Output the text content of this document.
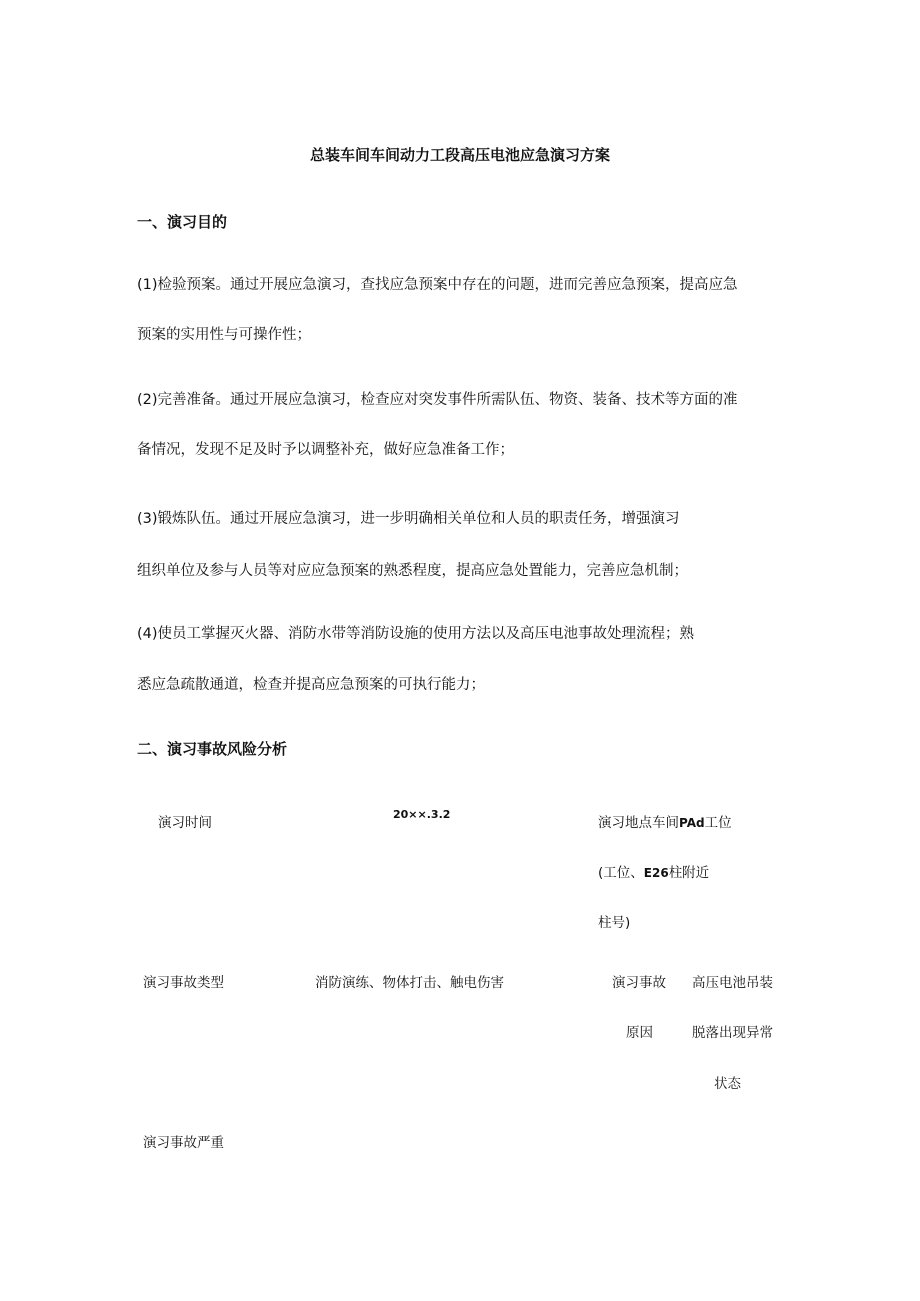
总装车间车间动力工段高压电池应急演习方案
一、演习目的
(1)检验预案。通过开展应急演习，查找应急预案中存在的问题，进而完善应急预案，提高应急
预案的实用性与可操作性；
(2)完善准备。通过开展应急演习，检查应对突发事件所需队伍、物资、装备、技术等方面的准
备情况，发现不足及时予以调整补充，做好应急准备工作；
(3)锻炼队伍。通过开展应急演习，进一步明确相关单位和人员的职责任务，增强演习
组织单位及参与人员等对应应急预案的熟悉程度，提高应急处置能力，完善应急机制；
(4)使员工掌握灭火器、消防水带等消防设施的使用方法以及高压电池事故处理流程；熟
悉应急疏散通道，检查并提高应急预案的可执行能力；
二、演习事故风险分析
演习时间
20××.3.2
演习地点车间PAd工位
(工位、E26柱附近
柱号)
演习事故类型	消防演练、物体打击、触电伤害	演习事故
原因
高压电池吊装
脱落出现异常
状态
演习事故严重
